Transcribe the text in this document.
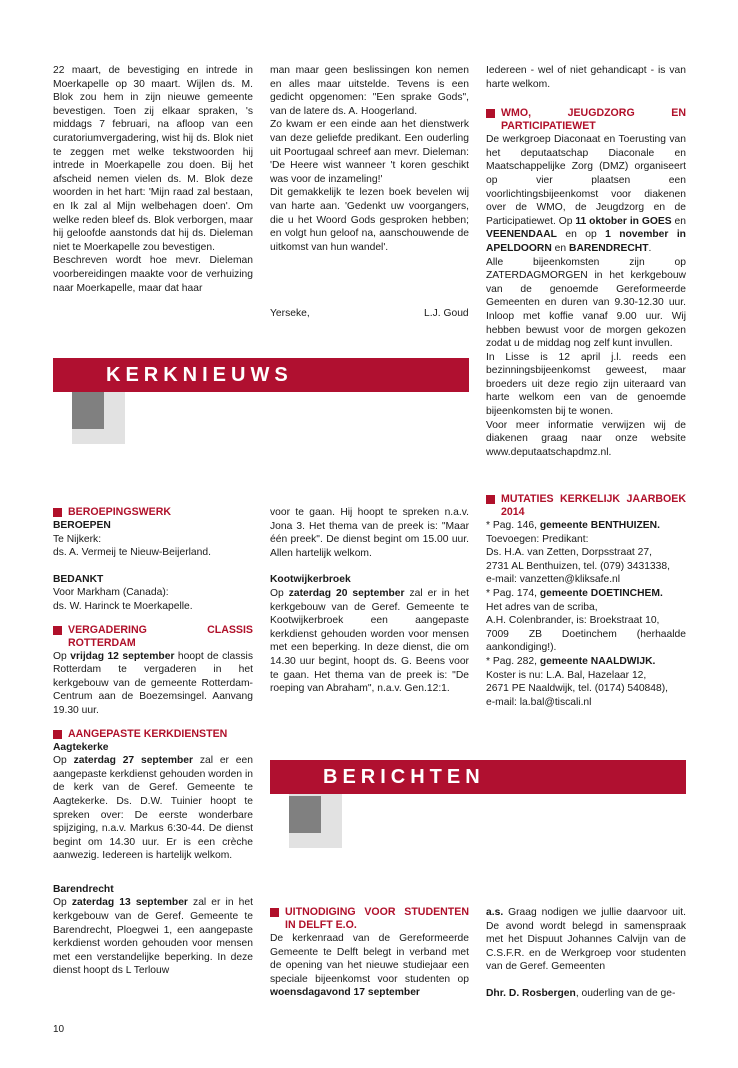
22 maart, de bevestiging en intrede in Moerkapelle op 30 maart. Wijlen ds. M. Blok zou hem in zijn nieuwe gemeente bevestigen. Toen zij elkaar spraken, 's middags 7 februari, na afloop van een curatoriumvergadering, wist hij ds. Blok niet te zeggen met welke tekstwoorden hij intrede in Moerkapelle zou doen. Bij het afscheid nemen vielen ds. M. Blok deze woorden in het hart: 'Mijn raad zal bestaan, en Ik zal al Mijn welbehagen doen'. Om welke reden bleef ds. Blok verborgen, maar hij geloofde aanstonds dat hij ds. Dieleman niet te Moerkapelle zou bevestigen.

Beschreven wordt hoe mevr. Dieleman voorbereidingen maakte voor de verhuizing naar Moerkapelle, maar dat haar

man maar geen beslissingen kon nemen en alles maar uitstelde. Tevens is een gedicht opgenomen: "Een sprake Gods", van de latere ds. A. Hoogerland.

Zo kwam er een einde aan het dienstwerk van deze geliefde predikant. Een ouderling uit Poortugaal schreef aan mevr. Dieleman: 'De Heere wist wanneer 't koren geschikt was voor de inzameling!'

Dit gemakkelijk te lezen boek bevelen wij van harte aan. 'Gedenkt uw voorgangers, die u het Woord Gods gesproken hebben; en volgt hun geloof na, aanschouwende de uitkomst van hun wandel'.

Yerseke,	L.J. Goud

Iedereen - wel of niet gehandicapt - is van harte welkom.

WMO, JEUGDZORG EN PARTICIPATIEWET

De werkgroep Diaconaat en Toerusting van het deputaatschap Diaconale en Maatschappelijke Zorg (DMZ) organiseert op vier plaatsen een voorlichtingsbijeenkomst voor diakenen over de WMO, de Jeugdzorg en de Participatiewet. Op 11 oktober in GOES en VEENENDAAL en op 1 november in APELDOORN en BARENDRECHT.

Alle bijeenkomsten zijn op ZATERDAGMORGEN in het kerkgebouw van de genoemde Gereformeerde Gemeenten en duren van 9.30-12.30 uur. Inloop met koffie vanaf 9.00 uur. Wij hebben bewust voor de morgen gekozen zodat u de middag nog zelf kunt invullen.

In Lisse is 12 april j.l. reeds een bezinningsbijeenkomst geweest, maar broeders uit deze regio zijn uiteraard van harte welkom een van de genoemde bijeenkomsten bij te wonen.

Voor meer informatie verwijzen wij de diakenen graag naar onze website www.deputaatschapdmz.nl.

KERKNIEUWS
BEROEPINGSWERK

BEROEPEN

Te Nijkerk:

ds. A. Vermeij te Nieuw-Beijerland.

BEDANKT

Voor Markham (Canada):

ds. W. Harinck te Moerkapelle.

VERGADERING CLASSIS ROTTERDAM

Op vrijdag 12 september hoopt de classis Rotterdam te vergaderen in het kerkgebouw van de gemeente Rotterdam-Centrum aan de Boezemsingel. Aanvang 19.30 uur.

AANGEPASTE KERKDIENSTEN

Aagtekerke

Op zaterdag 27 september zal er een aangepaste kerkdienst gehouden worden in de kerk van de Geref. Gemeente te Aagtekerke. Ds. D.W. Tuinier hoopt te spreken over: De eerste wonderbare spijziging, n.a.v. Markus 6:30-44. De dienst begint om 14.30 uur. Er is een crèche aanwezig. Iedereen is hartelijk welkom.

Barendrecht

Op zaterdag 13 september zal er in het kerkgebouw van de Geref. Gemeente te Barendrecht, Ploegwei 1, een aangepaste kerkdienst worden gehouden voor mensen met een verstandelijke beperking. In deze dienst hoopt ds L Terlouw

voor te gaan. Hij hoopt te spreken n.a.v. Jona 3. Het thema van de preek is: "Maar één preek". De dienst begint om 15.00 uur. Allen hartelijk welkom.

Kootwijkerbroek

Op zaterdag 20 september zal er in het kerkgebouw van de Geref. Gemeente te Kootwijkerbroek een aangepaste kerkdienst gehouden worden voor mensen met een beperking. In deze dienst, die om 14.30 uur begint, hoopt ds. G. Beens voor te gaan. Het thema van de preek is: "De roeping van Abraham", n.a.v. Gen.12:1.

BERICHTEN
MUTATIES KERKELIJK JAARBOEK 2014

* Pag. 146, gemeente BENTHUIZEN.

Toevoegen: Predikant:

Ds. H.A. van Zetten, Dorpsstraat 27,

2731 AL Benthuizen, tel. (079) 3431338,

e-mail: vanzetten@kliksafe.nl

* Pag. 174, gemeente DOETINCHEM.

Het adres van de scriba,

A.H. Colenbrander, is: Broekstraat 10,

7009 ZB Doetinchem (herhaalde aankondiging!).

* Pag. 282, gemeente NAALDWIJK.

Koster is nu: L.A. Bal, Hazelaar 12,

2671 PE Naaldwijk, tel. (0174) 540848),

e-mail: la.bal@tiscali.nl

UITNODIGING VOOR STUDENTEN IN DELFT E.O.

De kerkenraad van de Gereformeerde Gemeente te Delft belegt in verband met de opening van het nieuwe studiejaar een speciale bijeenkomst voor studenten op woensdagavond 17 september

a.s. Graag nodigen we jullie daarvoor uit. De avond wordt belegd in samenspraak met het Dispuut Johannes Calvijn van de C.S.F.R. en de Werkgroep voor studenten van de Geref. Gemeenten

Dhr. D. Rosbergen, ouderling van de ge-

10
